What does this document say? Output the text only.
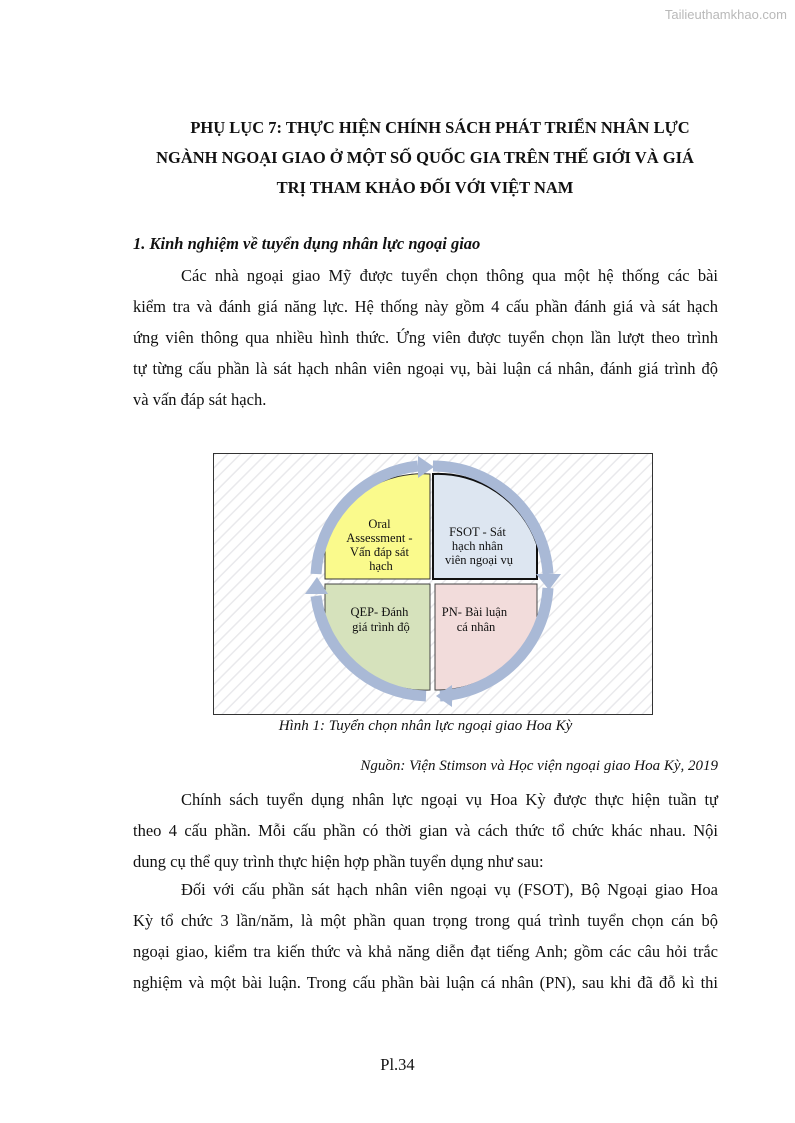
Tailieuthamkhao.com
PHỤ LỤC 7: THỰC HIỆN CHÍNH SÁCH PHÁT TRIỂN NHÂN LỰC
NGÀNH NGOẠI GIAO Ở MỘT SỐ QUỐC GIA TRÊN THẾ GIỚI VÀ GIÁ
TRỊ THAM KHẢO ĐỐI VỚI VIỆT NAM
1. Kinh nghiệm về tuyển dụng nhân lực ngoại giao
Các nhà ngoại giao Mỹ được tuyển chọn thông qua một hệ thống các bài
kiểm tra và đánh giá năng lực. Hệ thống này gồm 4 cấu phần đánh giá và sát hạch
ứng viên thông qua nhiều hình thức. Ứng viên được tuyển chọn lần lượt theo trình
tự từng cấu phần là sát hạch nhân viên ngoại vụ, bài luận cá nhân, đánh giá trình độ
và vấn đáp sát hạch.
Oral Assessment - Vấn đáp sát hạch
FSOT - Sát hạch nhân viên ngoại vụ
QEP- Đánh giá trình độ
PN- Bài luận cá nhân
Hình 1: Tuyển chọn nhân lực ngoại giao Hoa Kỳ
Nguồn: Viện Stimson và Học viện ngoại giao Hoa Kỳ, 2019
Chính sách tuyển dụng nhân lực ngoại vụ Hoa Kỳ được thực hiện tuần tự
theo 4 cấu phần. Mỗi cấu phần có thời gian và cách thức tổ chức khác nhau. Nội
dung cụ thể quy trình thực hiện hợp phần tuyển dụng như sau:
Đối với cấu phần sát hạch nhân viên ngoại vụ (FSOT), Bộ Ngoại giao Hoa
Kỳ tổ chức 3 lần/năm, là một phần quan trọng trong quá trình tuyển chọn cán bộ
ngoại giao, kiểm tra kiến thức và khả năng diễn đạt tiếng Anh; gồm các câu hỏi trắc
nghiệm và một bài luận. Trong cấu phần bài luận cá nhân (PN), sau khi đã đỗ kì thi
Pl.34
